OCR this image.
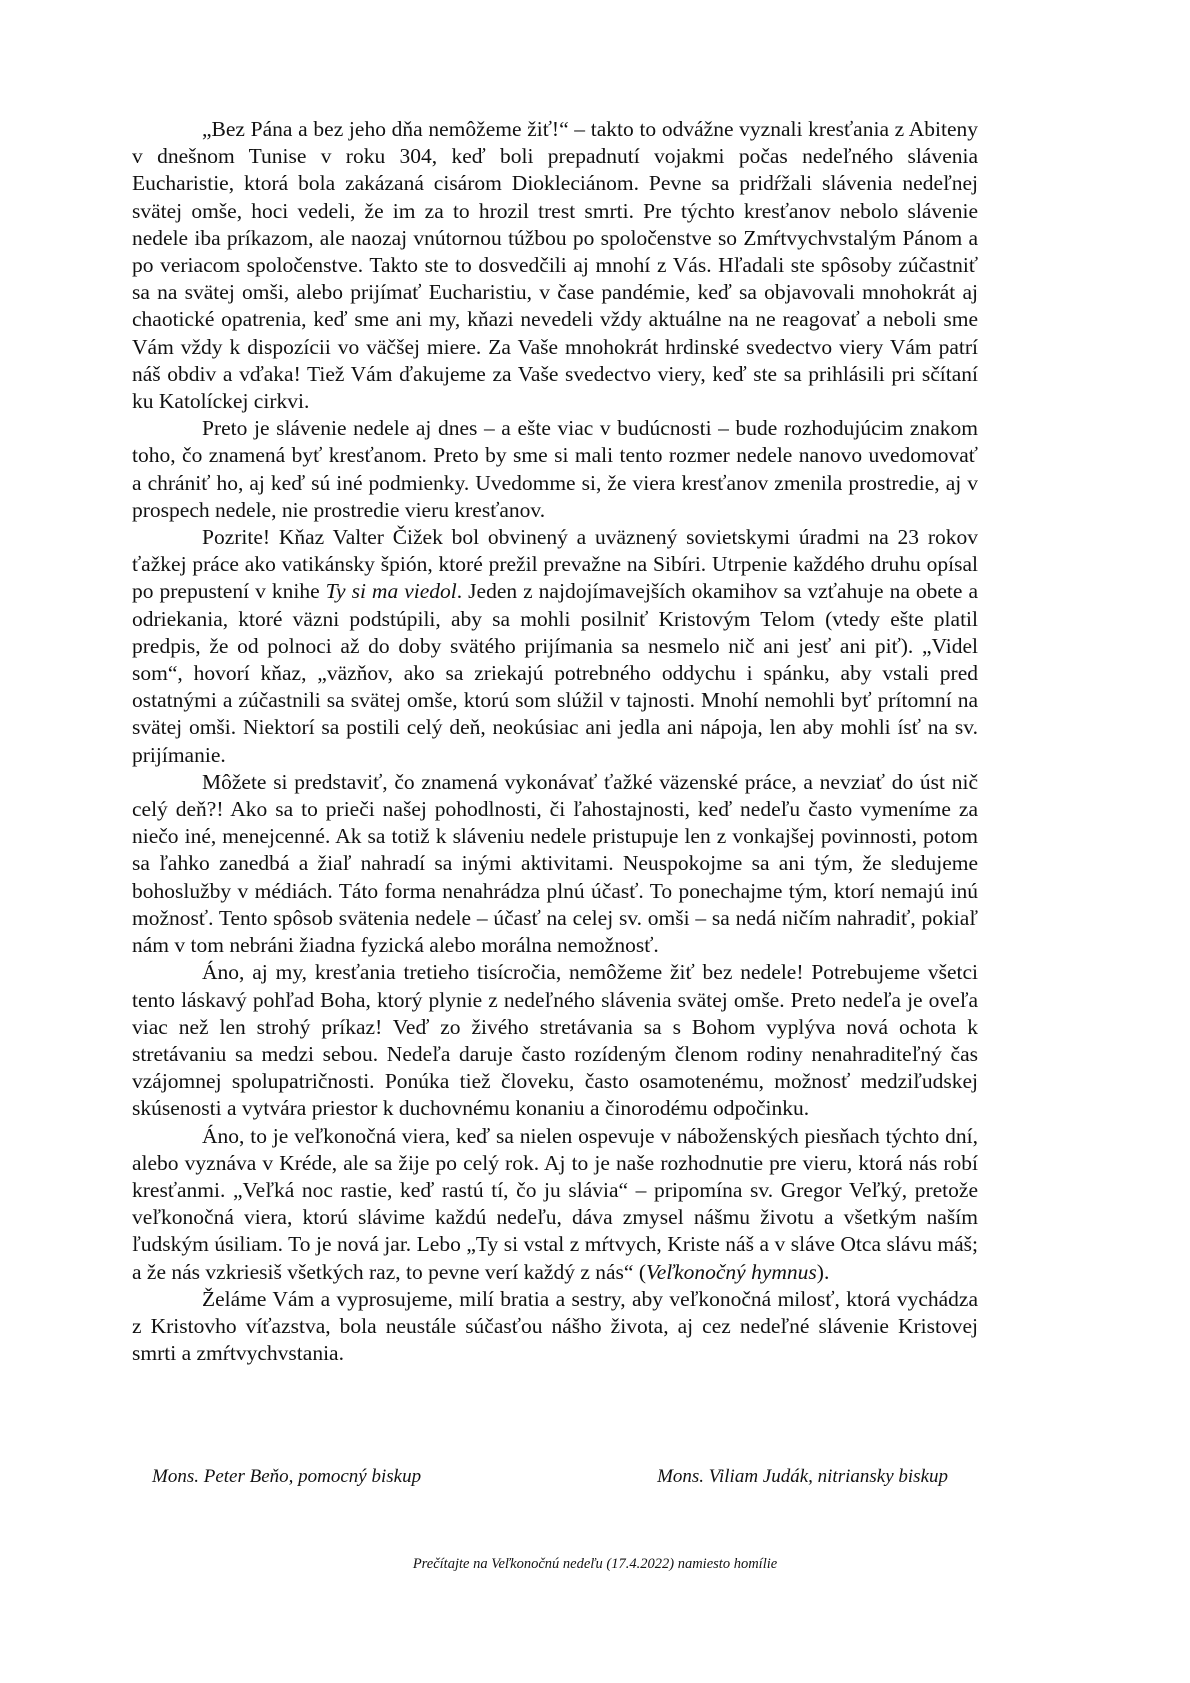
„Bez Pána a bez jeho dňa nemôžeme žiť!“ – takto to odvážne vyznali kresťania z Abiteny v dnešnom Tunise v roku 304, keď boli prepadnutí vojakmi počas nedeľného slávenia Eucharistie, ktorá bola zakázaná cisárom Diokleciánom. Pevne sa pridŕžali slávenia nedeľnej svätej omše, hoci vedeli, že im za to hrozil trest smrti. Pre týchto kresťanov nebolo slávenie nedele iba príkazom, ale naozaj vnútornou túžbou po spoločenstve so Zmŕtvychvstalým Pánom a po veriacom spoločenstve. Takto ste to dosvedčili aj mnohí z Vás. Hľadali ste spôsoby zúčastniť sa na svätej omši, alebo prijímať Eucharistiu, v čase pandémie, keď sa objavovali mnohokrát aj chaotické opatrenia, keď sme ani my, kňazi nevedeli vždy aktuálne na ne reagovať a neboli sme Vám vždy k dispozícii vo väčšej miere. Za Vaše mnohokrát hrdinské svedectvo viery Vám patrí náš obdiv a vďaka! Tiež Vám ďakujeme za Vaše svedectvo viery, keď ste sa prihlásili pri sčítaní ku Katolíckej cirkvi.

Preto je slávenie nedele aj dnes – a ešte viac v budúcnosti – bude rozhodujúcim znakom toho, čo znamená byť kresťanom. Preto by sme si mali tento rozmer nedele nanovo uvedomovať a chrániť ho, aj keď sú iné podmienky. Uvedomme si, že viera kresťanov zmenila prostredie, aj v prospech nedele, nie prostredie vieru kresťanov.

Pozrite! Kňaz Valter Čižek bol obvinený a uväznený sovietskymi úradmi na 23 rokov ťažkej práce ako vatikánsky špión, ktoré prežil prevažne na Sibíri. Utrpenie každého druhu opísal po prepustení v knihe Ty si ma viedol. Jeden z najdojímavejších okamihov sa vzťahuje na obete a odriekania, ktoré väzni podstúpili, aby sa mohli posilniť Kristovým Telom (vtedy ešte platil predpis, že od polnoci až do doby svätého prijímania sa nesmelo nič ani jesť ani piť). „Videl som“, hovorí kňaz, „väzňov, ako sa zriekajú potrebného oddychu i spánku, aby vstali pred ostatnými a zúčastnili sa svätej omše, ktorú som slúžil v tajnosti. Mnohí nemohli byť prítomní na svätej omši. Niektorí sa postili celý deň, neokúsiac ani jedla ani nápoja, len aby mohli ísť na sv. prijímanie.

Môžete si predstaviť, čo znamená vykonávať ťažké väzenské práce, a nevziať do úst nič celý deň?! Ako sa to prieči našej pohodlnosti, či ľahostajnosti, keď nedeľu často vymeníme za niečo iné, menejcenné. Ak sa totiž k sláveniu nedele pristupuje len z vonkajšej povinnosti, potom sa ľahko zanedbá a žiaľ nahradí sa inými aktivitami. Neuspokojme sa ani tým, že sledujeme bohoslužby v médiách. Táto forma nenahrádza plnú účasť. To ponechajme tým, ktorí nemajú inú možnosť. Tento spôsob svätenia nedele – účasť na celej sv. omši – sa nedá ničím nahradiť, pokiaľ nám v tom nebráni žiadna fyzická alebo morálna nemožnosť.

Áno, aj my, kresťania tretieho tisícročia, nemôžeme žiť bez nedele! Potrebujeme všetci tento láskavý pohľad Boha, ktorý plynie z nedeľného slávenia svätej omše. Preto nedeľa je oveľa viac než len strohý príkaz! Veď zo živého stretávania sa s Bohom vyplýva nová ochota k stretávaniu sa medzi sebou. Nedeľa daruje často rozídeným členom rodiny nenahraditeľný čas vzájomnej spolupatričnosti. Ponúka tiež človeku, často osamotenému, možnosť medziľudskej skúsenosti a vytvára priestor k duchovnému konaniu a činorodému odpočinku.

Áno, to je veľkonočná viera, keď sa nielen ospevuje v náboženských piesňach týchto dní, alebo vyznáva v Kréde, ale sa žije po celý rok. Aj to je naše rozhodnutie pre vieru, ktorá nás robí kresťanmi. „Veľká noc rastie, keď rastú tí, čo ju slávia“ – pripomína sv. Gregor Veľký, pretože veľkonočná viera, ktorú slávime každú nedeľu, dáva zmysel nášmu životu a všetkým naším ľudským úsiliam. To je nová jar. Lebo „Ty si vstal z mŕtvych, Kriste náš a v sláve Otca slávu máš; a že nás vzkriesiš všetkých raz, to pevne verí každý z nás“ (Veľkonočný hymnus).

Želáme Vám a vyprosujeme, milí bratia a sestry, aby veľkonočná milosť, ktorá vychádza z Kristovho víťazstva, bola neustále súčasťou nášho života, aj cez nedeľné slávenie Kristovej smrti a zmŕtvychvstania.

Mons. Peter Beňo, pomocný biskup	Mons. Viliam Judák, nitriansky biskup
Prečítajte na Veľkonočnú nedeľu (17.4.2022) namiesto homílie
